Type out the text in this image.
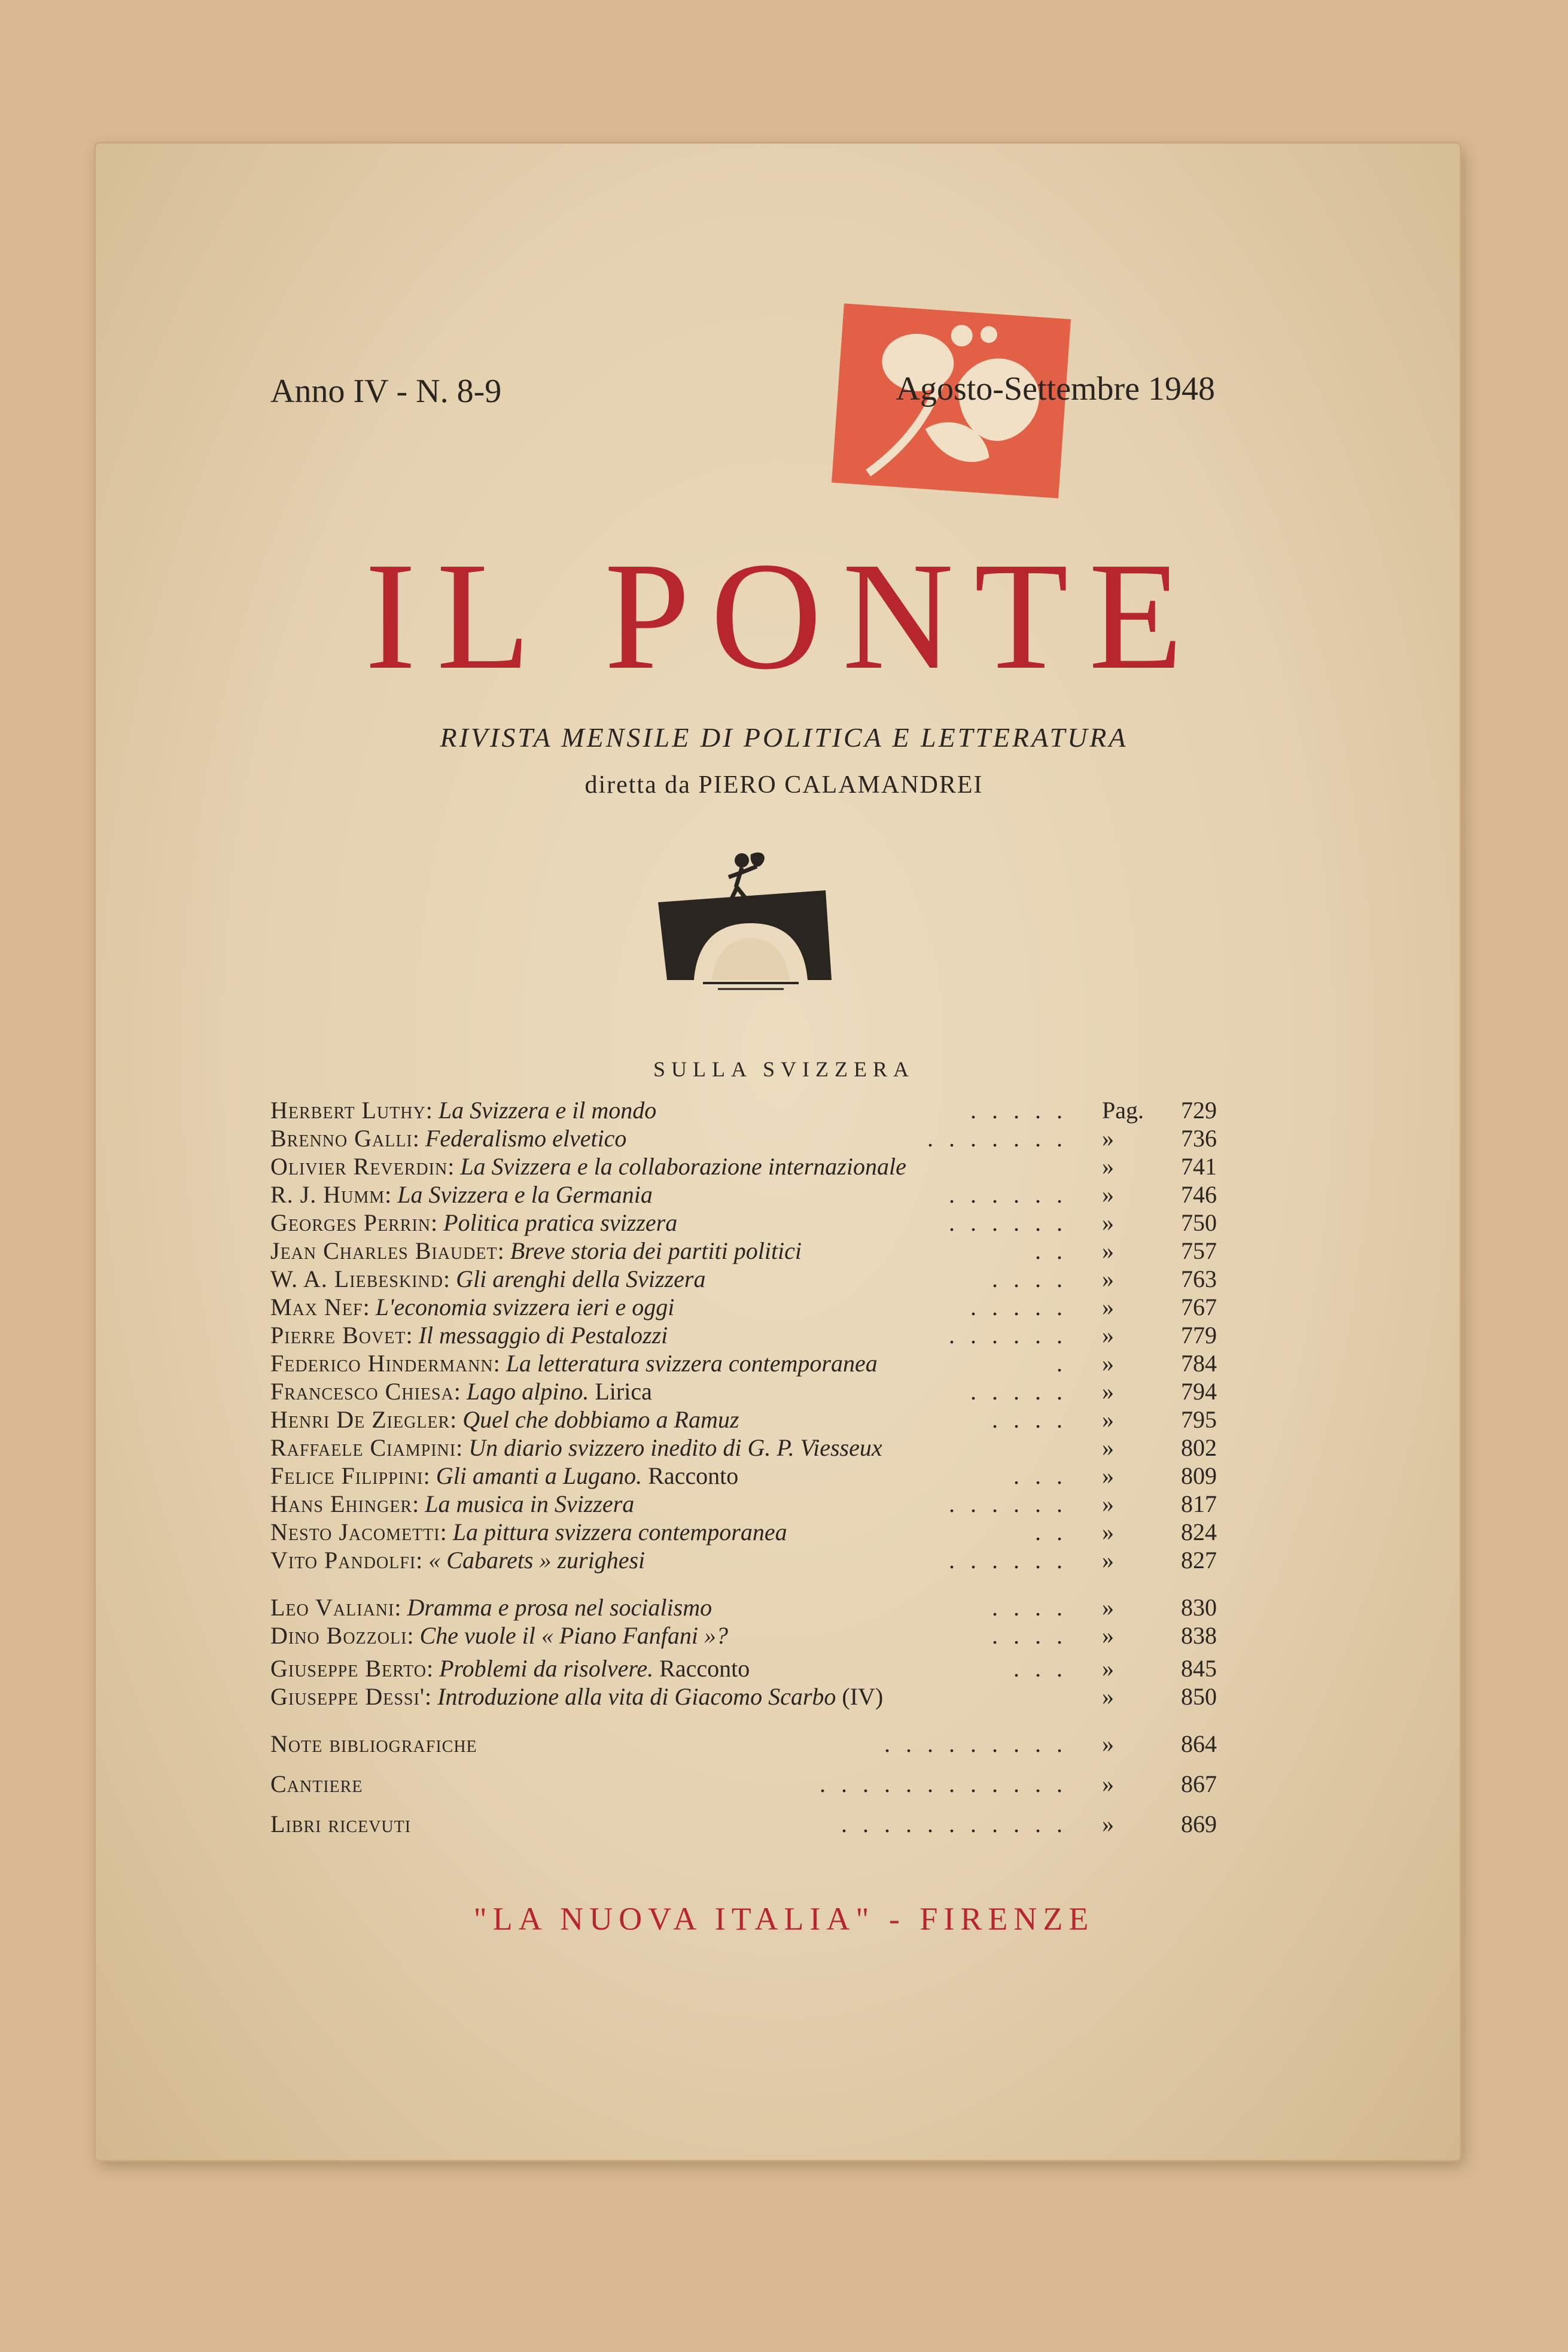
Anno IV - N. 8-9	Agosto-Settembre 1948
IL PONTE
RIVISTA MENSILE DI POLITICA E LETTERATURA
diretta da PIERO CALAMANDREI
SULLA SVIZZERA
Herbert Luthy: La Svizzera e il mondo	..... Pag.	729
Brenno Galli: Federalismo elvetico	....... »	736
Olivier Reverdin: La Svizzera e la collaborazione internazionale	»	741
R. J. Humm: La Svizzera e la Germania	...... »	746
Georges Perrin: Politica pratica svizzera	...... »	750
Jean Charles Biaudet: Breve storia dei partiti politici	.. »	757
W. A. Liebeskind: Gli arenghi della Svizzera	.... »	763
Max Nef: L'economia svizzera ieri e oggi	..... »	767
Pierre Bovet: Il messaggio di Pestalozzi	...... »	779
Federico Hindermann: La letteratura svizzera contemporanea	. »	784
Francesco Chiesa: Lago alpino. Lirica	..... »	794
Henri De Ziegler: Quel che dobbiamo a Ramuz	.... »	795
Raffaele Ciampini: Un diario svizzero inedito di G. P. Viesseux	»	802
Felice Filippini: Gli amanti a Lugano. Racconto	... »	809
Hans Ehinger: La musica in Svizzera	...... »	817
Nesto Jacometti: La pittura svizzera contemporanea	.. »	824
Vito Pandolfi: « Cabarets » zurighesi	...... »	827
Leo Valiani: Dramma e prosa nel socialismo	.... »	830
Dino Bozzoli: Che vuole il « Piano Fanfani »?	.... »	838
Giuseppe Berto: Problemi da risolvere. Racconto	... »	845
Giuseppe Dessi': Introduzione alla vita di Giacomo Scarbo (IV)	»	850
Note bibliografiche	......... »	864
Cantiere	............ »	867
Libri ricevuti	........... »	869
"LA NUOVA ITALIA" - FIRENZE
